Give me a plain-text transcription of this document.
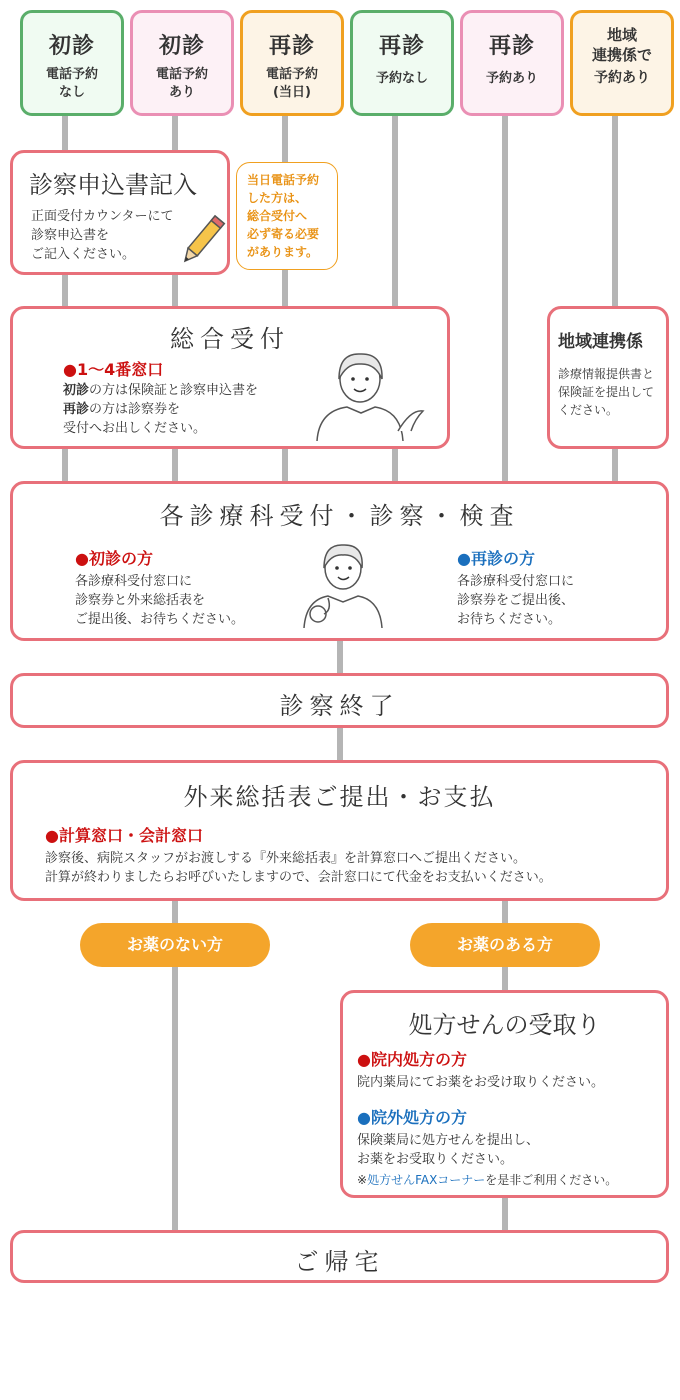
初診
電話予約
なし
初診
電話予約
あり
再診
電話予約
(当日)
再診
予約なし
再診
予約あり
地域
連携係で
予約あり
診察申込書記入
正面受付カウンターにて
診察申込書を
ご記入ください。
当日電話予約
した方は、
総合受付へ
必ず寄る必要
があります。
総合受付
●1〜4番窓口
初診の方は保険証と診察申込書を
再診の方は診察券を
受付へお出しください。
地域連携係
診療情報提供書と
保険証を提出して
ください。
各診療科受付・診察・検査
●初診の方
各診療科受付窓口に
診察券と外来総括表を
ご提出後、お待ちください。
●再診の方
各診療科受付窓口に
診察券をご提出後、
お待ちください。
診察終了
外来総括表ご提出・お支払
●計算窓口・会計窓口
診察後、病院スタッフがお渡しする『外来総括表』を計算窓口へご提出ください。
計算が終わりましたらお呼びいたしますので、会計窓口にて代金をお支払いください。
お薬のない方	お薬のある方
処方せんの受取り
●院内処方の方
院内薬局にてお薬をお受け取りください。
●院外処方の方
保険薬局に処方せんを提出し、
お薬をお受取りください。
※処方せんFAXコーナーを是非ご利用ください。
ご帰宅
